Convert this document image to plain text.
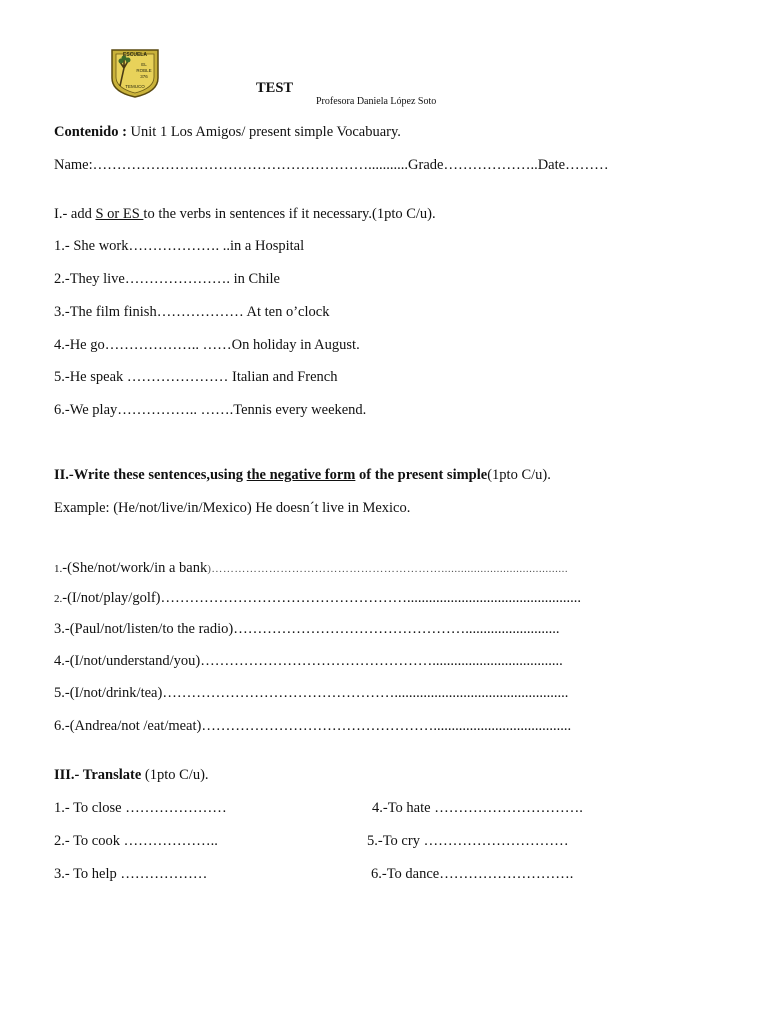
ESCUELA
EL
ROBLE
376
TEMUCO	TEST
Profesora Daniela López Soto
Contenido : Unit 1 Los Amigos/ present simple Vocabuary.
Name:…………………………………………………...........Grade………………..Date………
I.- add S or ES to the verbs in sentences if it necessary.(1pto C/u).
1.- She work………………. ..in a Hospital
2.-They live…………………. in Chile
3.-The film finish……………… At ten o’clock
4.-He go……………….. ……On holiday in August.
5.-He speak ………………… Italian and French
6.-We play…………….. …….Tennis every weekend.
II.-Write these sentences,using the negative form of the present simple(1pto C/u).
Example: (He/not/live/in/Mexico) He doesn´t live in Mexico.
1.-(She/not/work/in a bank)…………………………………………………….......................................
2.-(I/not/play/golf)……………………………………………................................................
3.-(Paul/not/listen/to the radio)…………………………………………..........................
4.-(I/not/understand/you)…………………………………………....................................
5.-(I/not/drink/tea)…………………………………………................................................
6.-(Andrea/not /eat/meat)…………………………………………......................................
III.- Translate (1pto C/u).
1.- To close …………………
2.- To cook ………………..
3.- To help ………………
4.-To hate ………………………….
5.-To cry …………………………
6.-To dance……………………….
